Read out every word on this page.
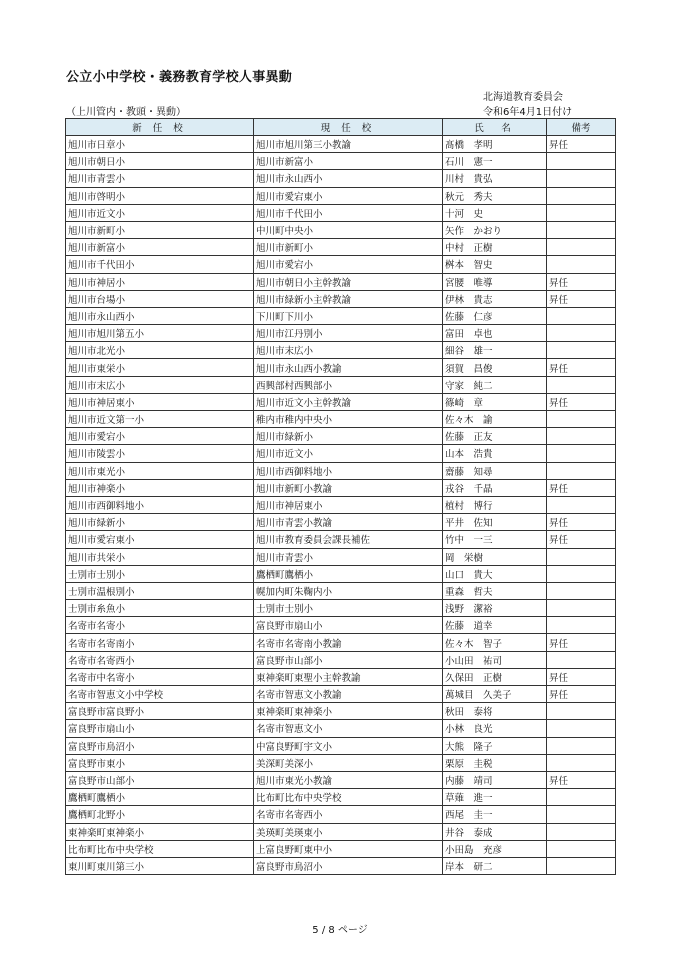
公立小中学校・義務教育学校人事異動
北海道教育委員会
（上川管内・教頭・異動）	令和6年4月1日付け
新 任 校	現 任 校	氏　名	備考
旭川市日章小	旭川市旭川第三小教諭	髙橋　孝明	昇任
旭川市朝日小	旭川市新富小	石川　憲一	
旭川市青雲小	旭川市永山西小	川村　貴弘	
旭川市啓明小	旭川市愛宕東小	秋元　秀夫	
旭川市近文小	旭川市千代田小	十河　史	
旭川市新町小	中川町中央小	矢作　かおり	
旭川市新富小	旭川市新町小	中村　正樹	
旭川市千代田小	旭川市愛宕小	桝本　智史	
旭川市神居小	旭川市朝日小主幹教諭	宮腰　唯導	昇任
旭川市台場小	旭川市緑新小主幹教諭	伊林　貴志	昇任
旭川市永山西小	下川町下川小	佐藤　仁彦	
旭川市旭川第五小	旭川市江丹別小	富田　卓也	
旭川市北光小	旭川市末広小	細谷　雄一	
旭川市東栄小	旭川市永山西小教諭	須賀　昌俊	昇任
旭川市末広小	西興部村西興部小	守家　純二	
旭川市神居東小	旭川市近文小主幹教諭	篠崎　章	昇任
旭川市近文第一小	稚内市稚内中央小	佐々木　諭	
旭川市愛宕小	旭川市緑新小	佐藤　正友	
旭川市陵雲小	旭川市近文小	山本　浩貴	
旭川市東光小	旭川市西御料地小	齋藤　知尋	
旭川市神楽小	旭川市新町小教諭	戎谷　千晶	昇任
旭川市西御料地小	旭川市神居東小	植村　博行	
旭川市緑新小	旭川市青雲小教諭	平井　佐知	昇任
旭川市愛宕東小	旭川市教育委員会課長補佐	竹中　一三	昇任
旭川市共栄小	旭川市青雲小	岡　栄樹	
士別市士別小	鷹栖町鷹栖小	山口　貴大	
士別市温根別小	幌加内町朱鞠内小	重森　哲夫	
士別市糸魚小	士別市士別小	浅野　潔裕	
名寄市名寄小	富良野市扇山小	佐藤　道幸	
名寄市名寄南小	名寄市名寄南小教諭	佐々木　智子	昇任
名寄市名寄西小	富良野市山部小	小山田　祐司	
名寄市中名寄小	東神楽町東聖小主幹教諭	久保田　正樹	昇任
名寄市智恵文小中学校	名寄市智恵文小教諭	萬城目　久美子	昇任
富良野市富良野小	東神楽町東神楽小	秋田　泰将	
富良野市扇山小	名寄市智恵文小	小林　良光	
富良野市鳥沼小	中富良野町宇文小	大熊　隆子	
富良野市東小	美深町美深小	栗原　圭税	
富良野市山部小	旭川市東光小教諭	内藤　靖司	昇任
鷹栖町鷹栖小	比布町比布中央学校	草薙　進一	
鷹栖町北野小	名寄市名寄西小	西尾　圭一	
東神楽町東神楽小	美瑛町美瑛東小	井谷　泰成	
比布町比布中央学校	上富良野町東中小	小田島　充彦	
東川町東川第三小	富良野市鳥沼小	岸本　研二	
5 / 8 ページ
